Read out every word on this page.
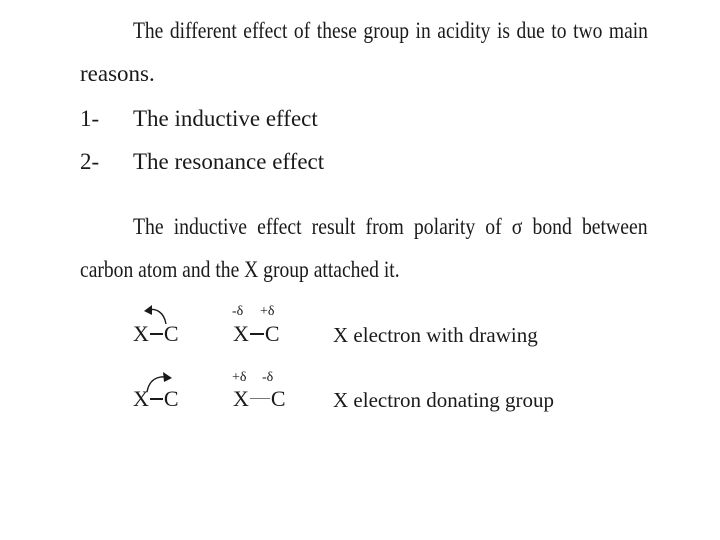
The different effect of these group in acidity is due to two main
reasons.
1- The inductive effect
2- The resonance effect
The inductive effect result from polarity of σ bond between
carbon atom and the X group attached it.
X C
-δ +δ
X C	X electron with drawing
X C
+δ -δ
X C X electron donating group
